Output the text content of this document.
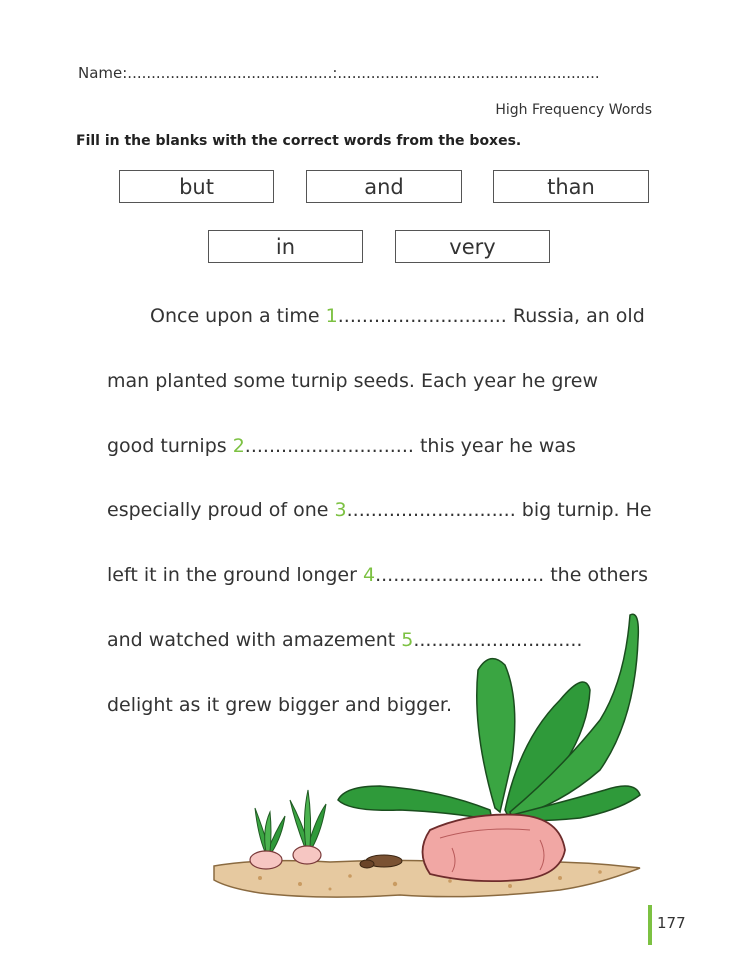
Name:...........................................:.......................................................
High Frequency Words
Fill in the blanks with the correct words from the boxes.
but	and	than
in	very
Once upon a time 1............................ Russia, an old
man planted some turnip seeds. Each year he grew
good turnips 2............................ this year he was
especially proud of one 3............................ big turnip. He
left it in the ground longer 4............................ the others
and watched with amazement 5............................
delight as it grew bigger and bigger.
177
